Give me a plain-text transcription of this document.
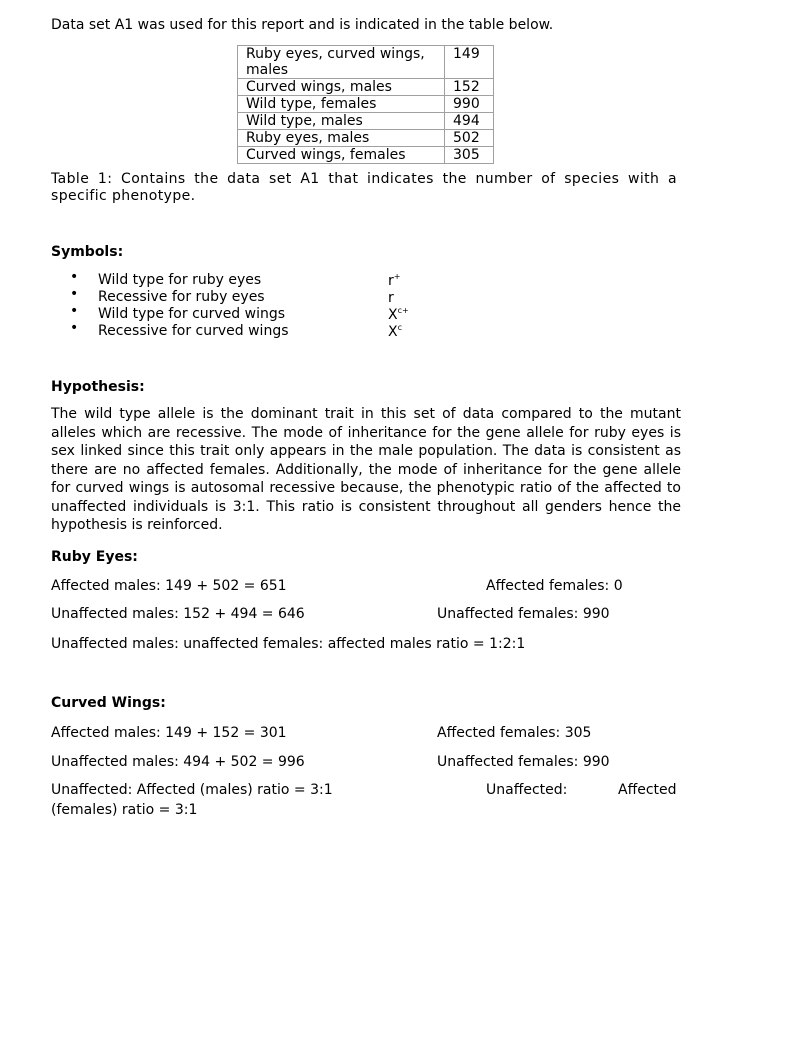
Data set A1 was used for this report and is indicated in the table below.
Ruby eyes, curved wings, males	149
Curved wings, males	152
Wild type, females	990
Wild type, males	494
Ruby eyes, males	502
Curved wings, females	305
Table 1: Contains the data set A1 that indicates the number of species with a specific phenotype.
Symbols:
• Wild type for ruby eyes	r+
• Recessive for ruby eyes	r
• Wild type for curved wings	$X^{c+}$
• Recessive for curved wings	$X^c$
Hypothesis:
The wild type allele is the dominant trait in this set of data compared to the mutant alleles which are recessive. The mode of inheritance for the gene allele for ruby eyes is sex linked since this trait only appears in the male population. The data is consistent as there are no affected females. Additionally, the mode of inheritance for the gene allele for curved wings is autosomal recessive because, the phenotypic ratio of the affected to unaffected individuals is 3:1. This ratio is consistent throughout all genders hence the hypothesis is reinforced.
Ruby Eyes:
Affected males: 149 + 502 = 651	Affected females: 0
Unaffected males: 152 + 494 = 646	Unaffected females: 990
Unaffected males: unaffected females: affected males ratio = 1:2:1
Curved Wings:
Affected males: 149 + 152 = 301	Affected females: 305
Unaffected males: 494 + 502 = 996	Unaffected females: 990
Unaffected: Affected (males) ratio = 3:1	Unaffected:	Affected
(females) ratio = 3:1
